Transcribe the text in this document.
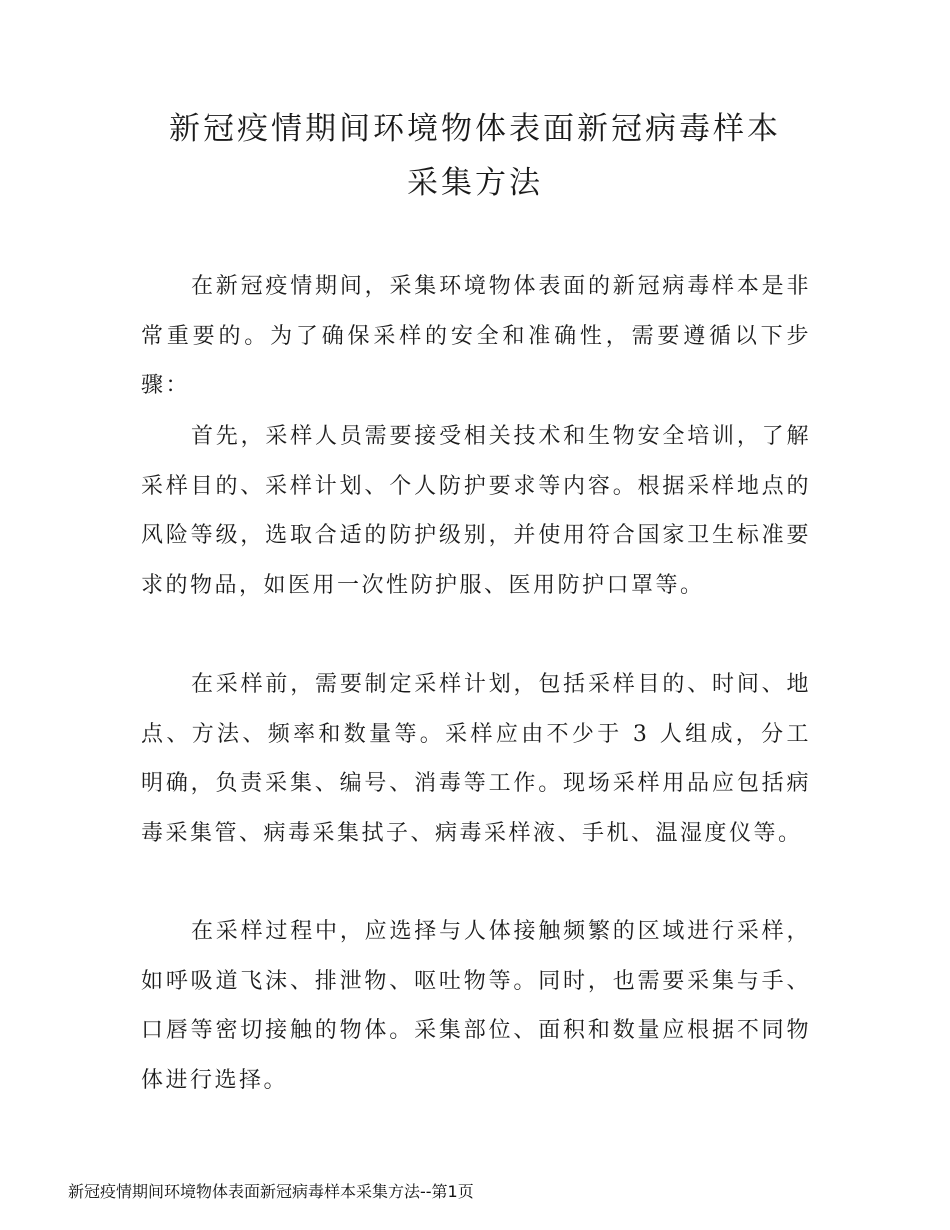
新冠疫情期间环境物体表面新冠病毒样本
采集方法

在新冠疫情期间，采集环境物体表面的新冠病毒样本是非常重要的。为了确保采样的安全和准确性，需要遵循以下步骤：

首先，采样人员需要接受相关技术和生物安全培训，了解采样目的、采样计划、个人防护要求等内容。根据采样地点的风险等级，选取合适的防护级别，并使用符合国家卫生标准要求的物品，如医用一次性防护服、医用防护口罩等。

在采样前，需要制定采样计划，包括采样目的、时间、地点、方法、频率和数量等。采样应由不少于 3 人组成，分工明确，负责采集、编号、消毒等工作。现场采样用品应包括病毒采集管、病毒采集拭子、病毒采样液、手机、温湿度仪等。

在采样过程中，应选择与人体接触频繁的区域进行采样，如呼吸道飞沫、排泄物、呕吐物等。同时，也需要采集与手、口唇等密切接触的物体。采集部位、面积和数量应根据不同物体进行选择。

新冠疫情期间环境物体表面新冠病毒样本采集方法--第1页
